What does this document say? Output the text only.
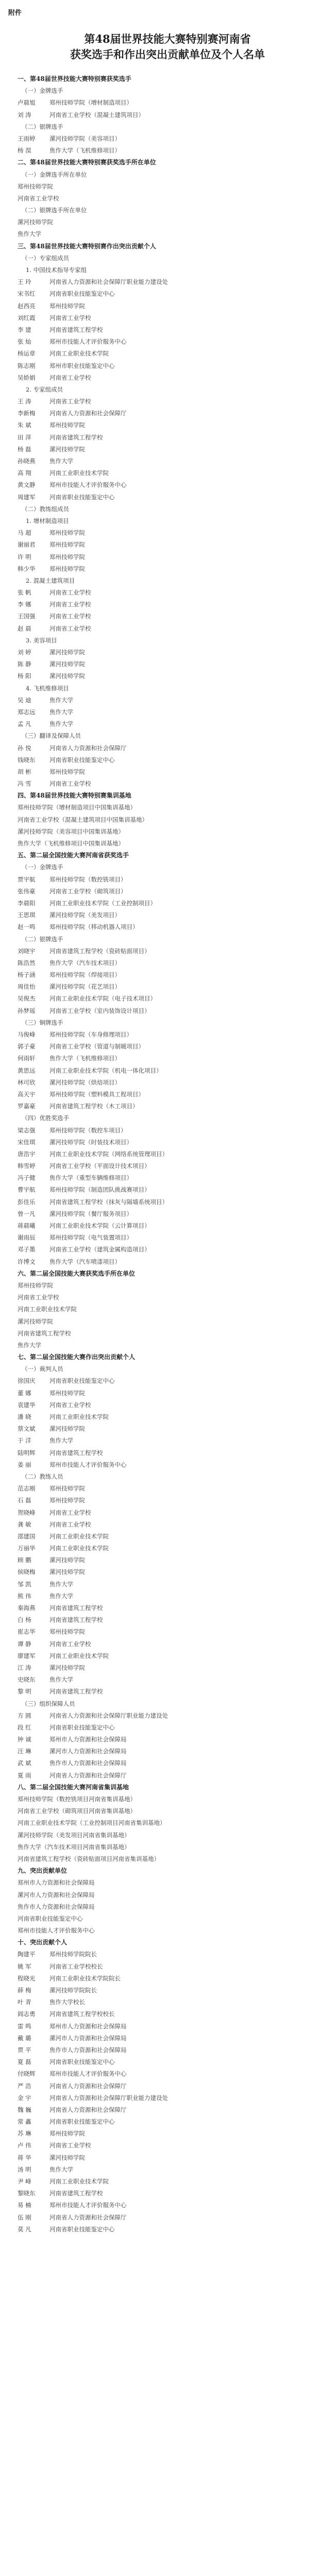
附件
第48届世界技能大赛特别赛河南省
获奖选手和作出突出贡献单位及个人名单
一、第48届世界技能大赛特别赛获奖选手
（一）金牌选手
卢晨旭 郑州技师学院（增材制造项目）
刘 涛	河南省工业学校（混凝土建筑项目）
（二）银牌选手
王雨婷 漯河技师学院（美容项目）
杨 淏	焦作大学（飞机维修项目）
二、第48届世界技能大赛特别赛获奖选手所在单位
（一）金牌选手所在单位
郑州技师学院
河南省工业学校
（二）银牌选手所在单位
漯河技师学院
焦作大学
三、第48届世界技能大赛特别赛作出突出贡献个人
（一）专家组成员
1. 中国技术指导专家组
王 玲	河南省人力资源和社会保障厅职业能力建设处
宋书红 河南省职业技能鉴定中心
赵西亮 郑州技师学院
刘红霞 河南省工业学校
李 建	河南省建筑工程学校
张 灿	郑州市技能人才评价服务中心
杨运章 河南工业职业技术学院
陈志刚 郑州市职业技能鉴定中心
吴娇娟 河南省工业学校
2. 专家组成员
王 涛	河南省工业学校
李新梅 河南省人力资源和社会保障厅
朱 斌	郑州技师学院
田 萍	河南省建筑工程学校
杨 磊	漯河技师学院
孙晓燕 焦作大学
高 翔	河南工业职业技术学院
黄文静 郑州市技能人才评价服务中心
周建军 河南省职业技能鉴定中心
（二）教练组成员
1. 增材制造项目
马 超	郑州技师学院
谢丽君 郑州技师学院
许 明	郑州技师学院
韩少华 郑州技师学院
2. 混凝土建筑项目
张 帆	河南省工业学校
李 娜	河南省工业学校
王国强 河南省工业学校
赵 晨	河南省工业学校
3. 美容项目
刘 婷	漯河技师学院
陈 静	漯河技师学院
杨 阳	漯河技师学院
4. 飞机维修项目
吴 迪	焦作大学
郑志远 焦作大学
孟 凡	焦作大学
（三）翻译及保障人员
孙 悦	河南省人力资源和社会保障厅
钱晓东 河南省职业技能鉴定中心
胡 彬	郑州技师学院
冯 雪	河南省工业学校
四、第48届世界技能大赛特别赛集训基地
郑州技师学院（增材制造项目中国集训基地）
河南省工业学校（混凝土建筑项目中国集训基地）
漯河技师学院（美容项目中国集训基地）
焦作大学（飞机维修项目中国集训基地）
五、第二届全国技能大赛河南省获奖选手
（一）金牌选手
贾宇航 郑州技师学院（数控铣项目）
张伟豪 河南省工业学校（砌筑项目）
李晨阳 河南工业职业技术学院（工业控制项目）
王思琪 漯河技师学院（美发项目）
赵一鸣 郑州技师学院（移动机器人项目）
（二）银牌选手
刘晓宇 河南省建筑工程学校（瓷砖贴面项目）
陈浩然 焦作大学（汽车技术项目）
杨子涵 郑州技师学院（焊接项目）
周佳怡 漯河技师学院（花艺项目）
吴俊杰 河南工业职业技术学院（电子技术项目）
孙梦瑶 河南省工业学校（室内装饰设计项目）
（三）铜牌选手
马俊峰 郑州技师学院（车身修理项目）
郭子豪 河南省工业学校（管道与制暖项目）
何雨轩 焦作大学（飞机维修项目）
黄思远 河南工业职业技术学院（机电一体化项目）
林可欣 漯河技师学院（烘焙项目）
高天宇 郑州技师学院（塑料模具工程项目）
罗嘉豪 河南省建筑工程学校（木工项目）
（四）优胜奖选手
梁志强 郑州技师学院（数控车项目）
宋佳琪 漯河技师学院（时装技术项目）
唐浩宇 河南工业职业技术学院（网络系统管理项目）
韩雪婷 河南省工业学校（平面设计技术项目）
冯子健 焦作大学（重型车辆维修项目）
曹宇航 郑州技师学院（制造团队挑战赛项目）
彭佳乐 河南省建筑工程学校（抹灰与隔墙系统项目）
曾一凡 漯河技师学院（餐厅服务项目）
蒋晨曦 河南工业职业技术学院（云计算项目）
谢雨辰 郑州技师学院（电气装置项目）
邓子墨 河南省工业学校（建筑金属构造项目）
许博文 焦作大学（汽车喷漆项目）
六、第二届全国技能大赛获奖选手所在单位
郑州技师学院
河南省工业学校
河南工业职业技术学院
漯河技师学院
河南省建筑工程学校
焦作大学
七、第二届全国技能大赛作出突出贡献个人
（一）裁判人员
徐国庆 河南省职业技能鉴定中心
董 娜	郑州技师学院
袁建华 河南省工业学校
潘 晓	河南工业职业技术学院
蔡文斌 漯河技师学院
于 洋	焦作大学
陆明辉 河南省建筑工程学校
姜 丽	郑州市技能人才评价服务中心
（二）教练人员
范志刚 郑州技师学院
石 磊	郑州技师学院
贺晓峰 河南省工业学校
龚 敏	河南省工业学校
邵建国 河南工业职业技术学院
万丽华 河南工业职业技术学院
顾 鹏	漯河技师学院
侯晓梅 漯河技师学院
邹 凯	焦作大学
熊 伟	焦作大学
秦海燕 河南省建筑工程学校
白 杨	河南省建筑工程学校
崔志华 郑州技师学院
谭 静	河南省工业学校
廖建军 河南工业职业技术学院
江 涛	漯河技师学院
史晓东 焦作大学
黎 明	河南省建筑工程学校
（三）组织保障人员
方 圆	河南省人力资源和社会保障厅职业能力建设处
段 红	河南省职业技能鉴定中心
钟 诚	郑州市人力资源和社会保障局
汪 琳	漯河市人力资源和社会保障局
武 斌	焦作市人力资源和社会保障局
夏 雨	河南省人力资源和社会保障厅
八、第二届全国技能大赛河南省集训基地
郑州技师学院（数控铣项目河南省集训基地）
河南省工业学校（砌筑项目河南省集训基地）
河南工业职业技术学院（工业控制项目河南省集训基地）
漯河技师学院（美发项目河南省集训基地）
焦作大学（汽车技术项目河南省集训基地）
河南省建筑工程学校（瓷砖贴面项目河南省集训基地）
九、突出贡献单位
郑州市人力资源和社会保障局
漯河市人力资源和社会保障局
焦作市人力资源和社会保障局
河南省职业技能鉴定中心
郑州市技能人才评价服务中心
十、突出贡献个人
陶建平 郑州技师学院院长
姚 军	河南省工业学校校长
程晓光 河南工业职业技术学院院长
薛 梅	漯河技师学院院长
叶 青	焦作大学校长
阎志勇 河南省建筑工程学校校长
雷 鸣	郑州市人力资源和社会保障局
戴 璐	漯河市人力资源和社会保障局
贾 平	焦作市人力资源和社会保障局
夏 磊	河南省职业技能鉴定中心
付晓辉 郑州市技能人才评价服务中心
严 浩	河南省人力资源和社会保障厅
金 宇	河南省人力资源和社会保障厅职业能力建设处
魏 巍	河南省人力资源和社会保障厅
常 鑫	河南省职业技能鉴定中心
苏 琳	郑州技师学院
卢 伟	河南省工业学校
蒋 华	漯河技师学院
汤 明	焦作大学
尹 峰	河南工业职业技术学院
黎晓东 河南省建筑工程学校
易 楠	郑州市技能人才评价服务中心
伍 刚	河南省人力资源和社会保障厅
莫 凡	河南省职业技能鉴定中心
